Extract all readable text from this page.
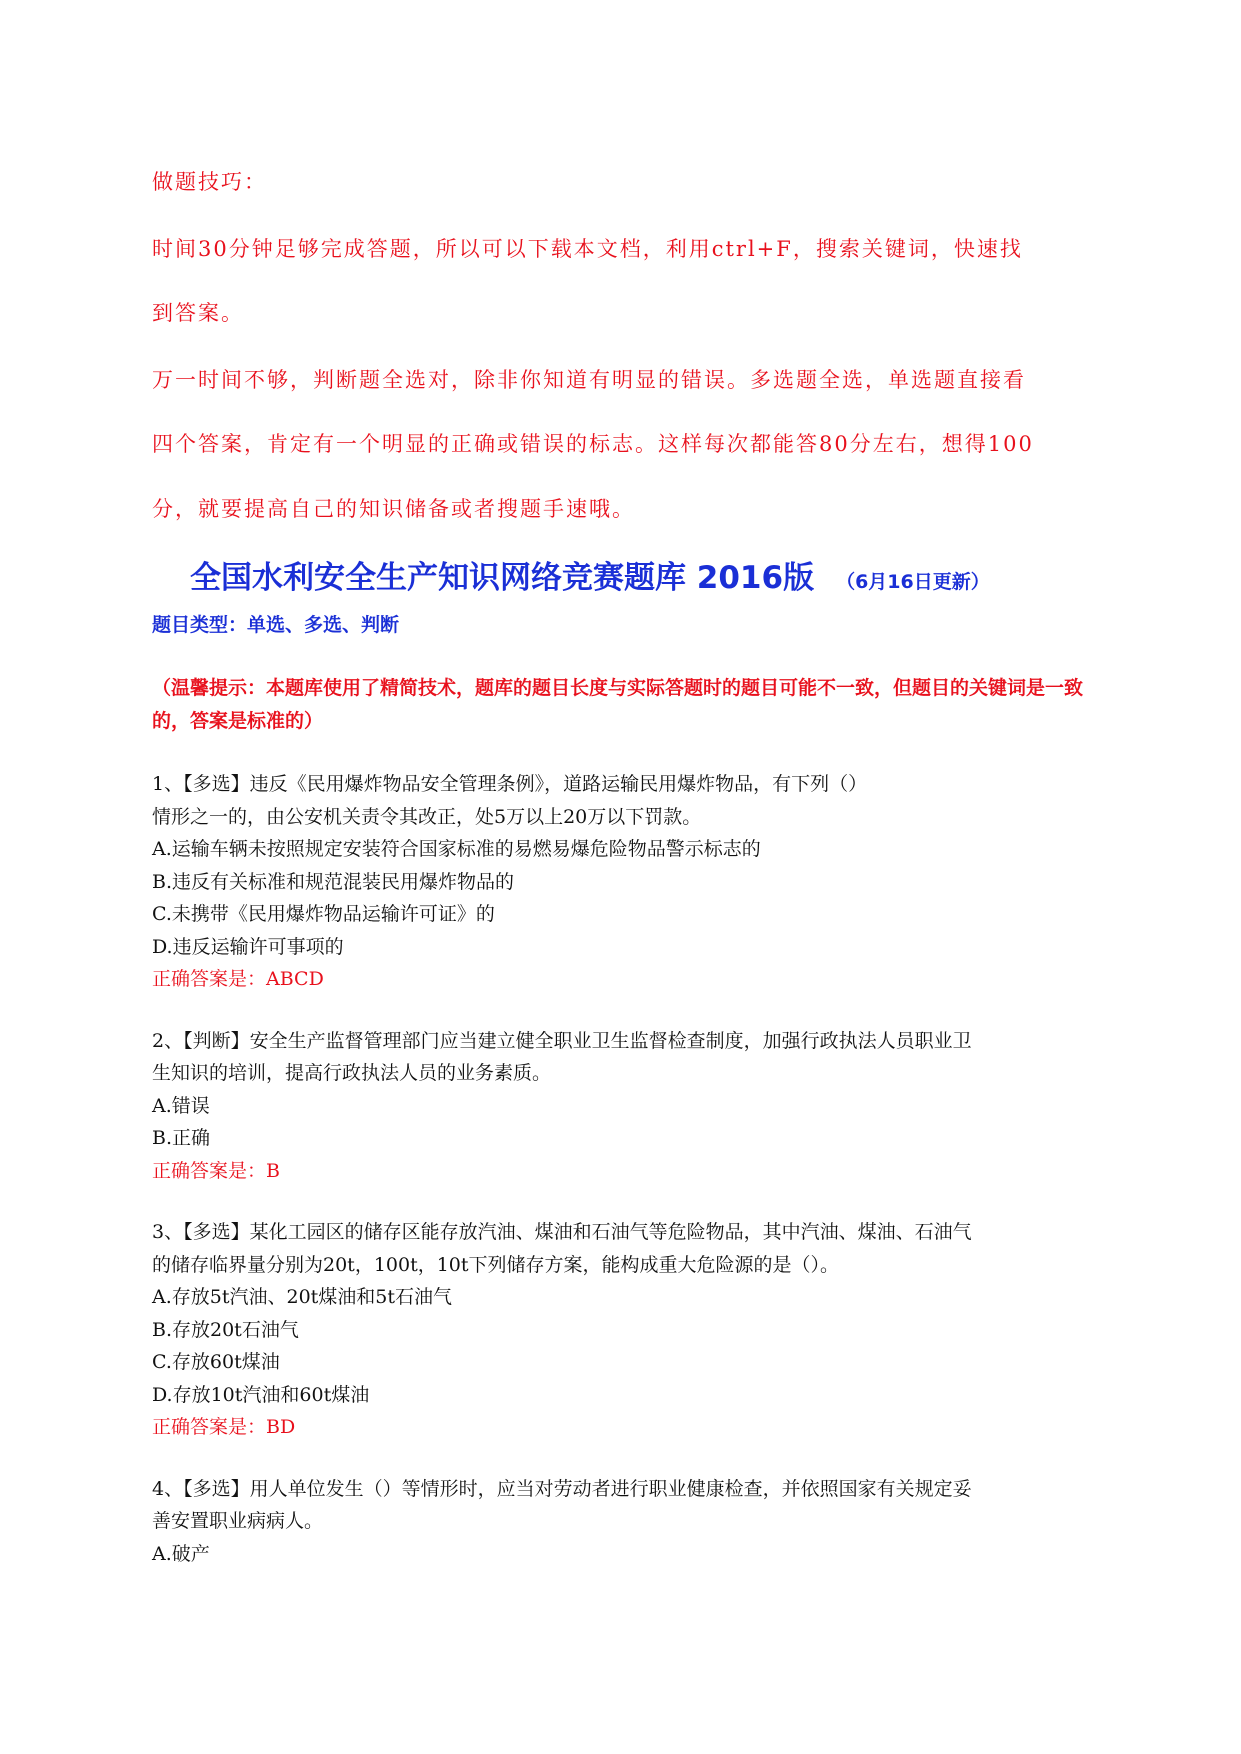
做题技巧：
时间30分钟足够完成答题，所以可以下载本文档，利用ctrl+F，搜索关键词，快速找
到答案。
万一时间不够，判断题全选对，除非你知道有明显的错误。多选题全选，单选题直接看
四个答案，肯定有一个明显的正确或错误的标志。这样每次都能答80分左右，想得100
分，就要提高自己的知识储备或者搜题手速哦。
全国水利安全生产知识网络竞赛题库 2016版 （6月16日更新）
题目类型：单选、多选、判断
（温馨提示：本题库使用了精简技术，题库的题目长度与实际答题时的题目可能不一致，但题目的关键词是一致的，答案是标准的）
1、【多选】违反《民用爆炸物品安全管理条例》，道路运输民用爆炸物品，有下列（）
情形之一的，由公安机关责令其改正，处5万以上20万以下罚款。
A.运输车辆未按照规定安装符合国家标准的易燃易爆危险物品警示标志的
B.违反有关标准和规范混装民用爆炸物品的
C.未携带《民用爆炸物品运输许可证》的
D.违反运输许可事项的
正确答案是：ABCD
2、【判断】安全生产监督管理部门应当建立健全职业卫生监督检查制度，加强行政执法人员职业卫
生知识的培训，提高行政执法人员的业务素质。
A.错误
B.正确
正确答案是：B
3、【多选】某化工园区的储存区能存放汽油、煤油和石油气等危险物品，其中汽油、煤油、石油气
的储存临界量分别为20t，100t，10t下列储存方案，能构成重大危险源的是（）。
A.存放5t汽油、20t煤油和5t石油气
B.存放20t石油气
C.存放60t煤油
D.存放10t汽油和60t煤油
正确答案是：BD
4、【多选】用人单位发生（）等情形时，应当对劳动者进行职业健康检查，并依照国家有关规定妥
善安置职业病病人。
A.破产
